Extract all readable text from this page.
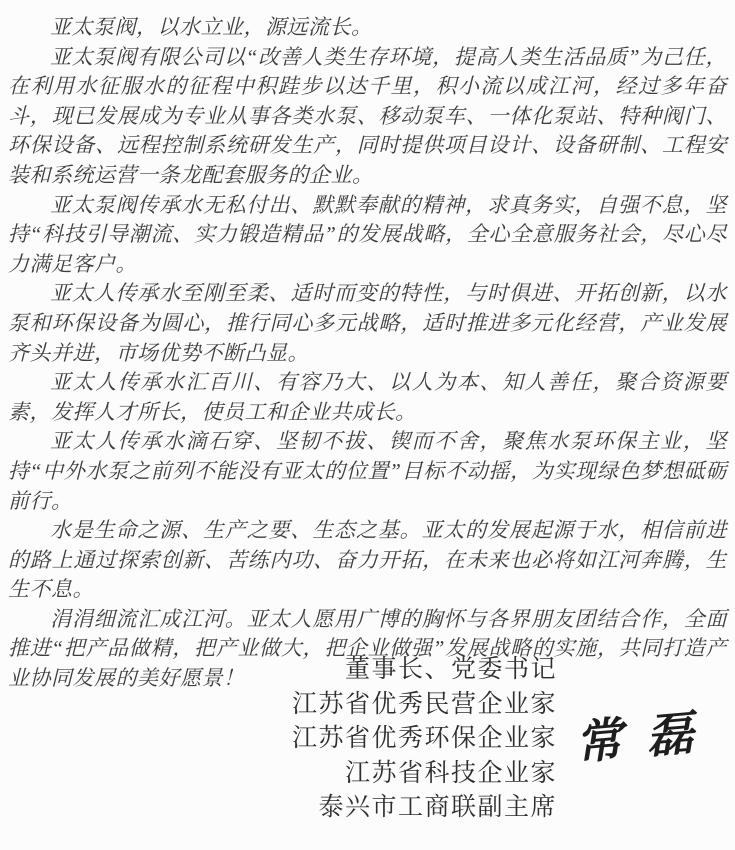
亚太泵阀，以水立业，源远流长。

亚太泵阀有限公司以“改善人类生存环境，提高人类生活品质”为己任，在利用水征服水的征程中积跬步以达千里，积小流以成江河，经过多年奋斗，现已发展成为专业从事各类水泵、移动泵车、一体化泵站、特种阀门、环保设备、远程控制系统研发生产，同时提供项目设计、设备研制、工程安装和系统运营一条龙配套服务的企业。

亚太泵阀传承水无私付出、默默奉献的精神，求真务实，自强不息，坚持“科技引导潮流、实力锻造精品”的发展战略，全心全意服务社会，尽心尽力满足客户。

亚太人传承水至刚至柔、适时而变的特性，与时俱进、开拓创新，以水泵和环保设备为圆心，推行同心多元战略，适时推进多元化经营，产业发展齐头并进，市场优势不断凸显。

亚太人传承水汇百川、有容乃大、以人为本、知人善任，聚合资源要素，发挥人才所长，使员工和企业共成长。

亚太人传承水滴石穿、坚韧不拔、锲而不舍，聚焦水泵环保主业，坚持“中外水泵之前列不能没有亚太的位置”目标不动摇，为实现绿色梦想砥砺前行。

水是生命之源、生产之要、生态之基。亚太的发展起源于水，相信前进的路上通过探索创新、苦练内功、奋力开拓，在未来也必将如江河奔腾，生生不息。

涓涓细流汇成江河。亚太人愿用广博的胸怀与各界朋友团结合作，全面推进“把产品做精，把产业做大，把企业做强”发展战略的实施，共同打造产业协同发展的美好愿景！	董事长、党委书记
江苏省优秀民营企业家
江苏省优秀环保企业家
江苏省科技企业家
泰兴市工商联副主席
常磊
